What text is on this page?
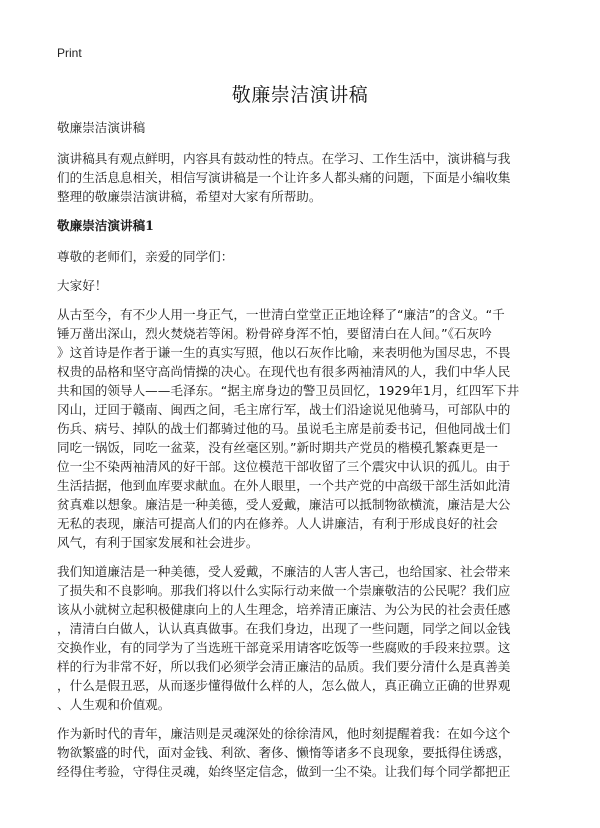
Print
敬廉崇洁演讲稿
敬廉崇洁演讲稿
演讲稿具有观点鲜明，内容具有鼓动性的特点。在学习、工作生活中，演讲稿与我
们的生活息息相关，相信写演讲稿是一个让许多人都头痛的问题，下面是小编收集
整理的敬廉崇洁演讲稿，希望对大家有所帮助。
敬廉崇洁演讲稿1
尊敬的老师们，亲爱的同学们：
大家好！
从古至今，有不少人用一身正气，一世清白堂堂正正地诠释了“廉洁”的含义。“千
锤万凿出深山，烈火焚烧若等闲。粉骨碎身浑不怕，要留清白在人间。”《石灰吟
》这首诗是作者于谦一生的真实写照，他以石灰作比喻，来表明他为国尽忠，不畏
权贵的品格和坚守高尚情操的决心。在现代也有很多两袖清风的人，我们中华人民
共和国的领导人——毛泽东。“据主席身边的警卫员回忆，1929年1月，红四军下井
冈山，迂回于赣南、闽西之间，毛主席行军，战士们沿途说见他骑马，可部队中的
伤兵、病号、掉队的战士们都骑过他的马。虽说毛主席是前委书记，但他同战士们
同吃一锅饭，同吃一盆菜，没有丝毫区别。”新时期共产党员的楷模孔繁森更是一
位一尘不染两袖清风的好干部。这位模范干部收留了三个震灾中认识的孤儿。由于
生活拮据，他到血库要求献血。在外人眼里，一个共产党的中高级干部生活如此清
贫真难以想象。廉洁是一种美德，受人爱戴，廉洁可以抵制物欲横流，廉洁是大公
无私的表现，廉洁可提高人们的内在修养。人人讲廉洁，有利于形成良好的社会
风气，有利于国家发展和社会进步。
我们知道廉洁是一种美德，受人爱戴，不廉洁的人害人害己，也给国家、社会带来
了损失和不良影响。那我们将以什么实际行动来做一个崇廉敬洁的公民呢？我们应
该从小就树立起积极健康向上的人生理念，培养清正廉洁、为公为民的社会责任感
，清清白白做人，认认真真做事。在我们身边，出现了一些问题，同学之间以金钱
交换作业，有的同学为了当选班干部竟采用请客吃饭等一些腐败的手段来拉票。这
样的行为非常不好，所以我们必须学会清正廉洁的品质。我们要分清什么是真善美
，什么是假丑恶，从而逐步懂得做什么样的人，怎么做人，真正确立正确的世界观
、人生观和价值观。
作为新时代的青年，廉洁则是灵魂深处的徐徐清风，他时刻提醒着我：在如今这个
物欲繁盛的时代，面对金钱、利欲、奢侈、懒惰等诸多不良现象，要抵得住诱惑，
经得住考验，守得住灵魂，始终坚定信念，做到一尘不染。让我们每个同学都把正
